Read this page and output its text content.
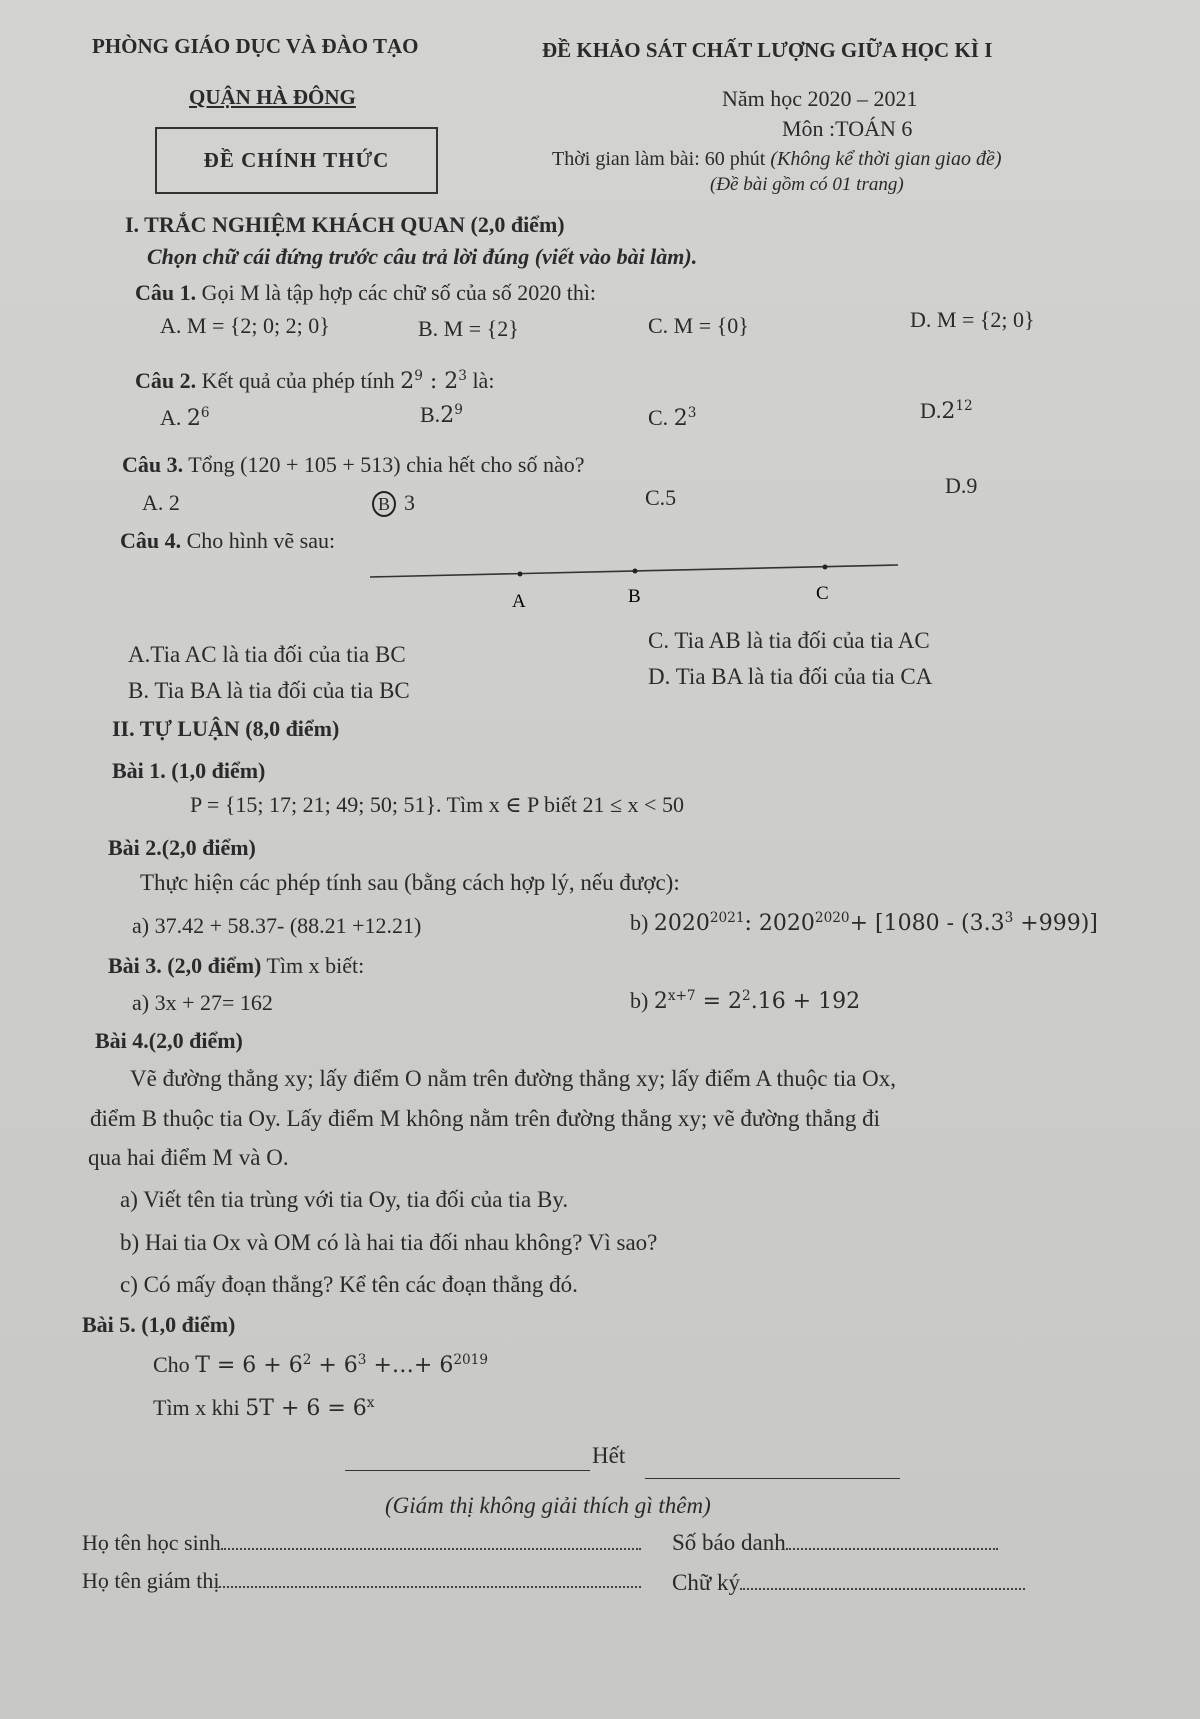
PHÒNG GIÁO DỤC VÀ ĐÀO TẠO
QUẬN HÀ ĐÔNG
ĐỀ KHẢO SÁT CHẤT LƯỢNG GIỮA HỌC KÌ I
Năm học 2020 – 2021
Môn :TOÁN 6
ĐỀ CHÍNH THỨC	Thời gian làm bài: 60 phút (Không kể thời gian giao đề)
(Đề bài gồm có 01 trang)
I. TRẮC NGHIỆM KHÁCH QUAN (2,0 điểm)
Chọn chữ cái đứng trước câu trả lời đúng (viết vào bài làm).
Câu 1. Gọi M là tập hợp các chữ số của số 2020 thì:
A. M = {2; 0; 2; 0}	B. M = {2}	C. M = {0}	D. M = {2; 0}
Câu 2. Kết quả của phép tính $2^9$ : $2^3$ là:
A. $2^6$	$B.2^9$	C. $2^3$	$D.2^{12}$
Câu 3. Tổng (120 + 105 + 513) chia hết cho số nào?
A. 2	B 3	C.5	D.9
Câu 4. Cho hình vẽ sau:
A	B	C
A.Tia AC là tia đối của tia BC
B. Tia BA là tia đối của tia BC
C. Tia AB là tia đối của tia AC
D. Tia BA là tia đối của tia CA
II. TỰ LUẬN (8,0 điểm)
Bài 1. (1,0 điểm)
P = {15; 17; 21; 49; 50; 51}. Tìm x ∈ P biết 21 ≤ x < 50
Bài 2.(2,0 điểm)
Thực hiện các phép tính sau (bằng cách hợp lý, nếu được):
a) 37.42 + 58.37- (88.21 +12.21)	b) $2020^{2021}$: $2020^{2020}+ [1080 - (3.3^3 +999)]$
Bài 3. (2,0 điểm) Tìm x biết:
a) 3x + 27= 162	b) $2^{x+7} = 2^2.16 + 192$
Bài 4.(2,0 điểm)
Vẽ đường thẳng xy; lấy điểm O nằm trên đường thẳng xy; lấy điểm A thuộc tia Ox,
điểm B thuộc tia Oy. Lấy điểm M không nằm trên đường thẳng xy; vẽ đường thẳng đi
qua hai điểm M và O.
a) Viết tên tia trùng với tia Oy, tia đối của tia By.
b) Hai tia Ox và OM có là hai tia đối nhau không? Vì sao?
c) Có mấy đoạn thẳng? Kể tên các đoạn thẳng đó.
Bài 5. (1,0 điểm)
Cho $T = 6 + 6^2 + 6^3$ +…+ $6^{2019}$
Tìm x khi $5T + 6 = 6^x$
Hết
(Giám thị không giải thích gì thêm)
Họ tên học sinh	Số báo danh
Họ tên giám thị	Chữ ký
